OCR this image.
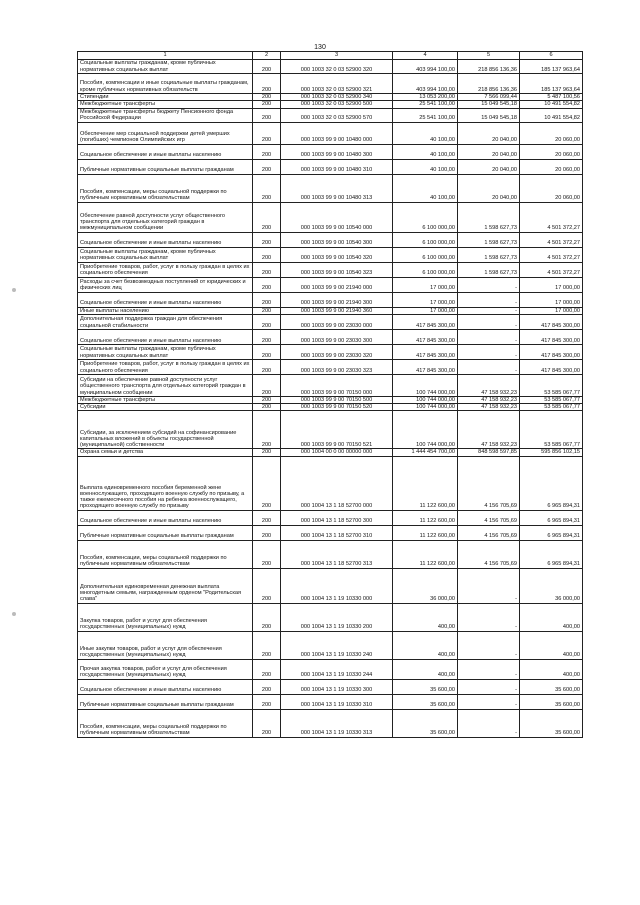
130
1	2	3	4	5	6
Социальные выплаты гражданам, кроме публичных нормативных социальных выплат	200	000 1003 32 0 03 52900 320	403 994 100,00	218 856 136,36	185 137 963,64
Пособия, компенсации и иные социальные выплаты гражданам, кроме публичных нормативных обязательств	200	000 1003 32 0 03 52900 321	403 994 100,00	218 856 136,36	185 137 963,64
Стипендии	200	000 1003 32 0 03 52900 340	13 053 200,00	7 566 099,44	5 487 100,56
Межбюджетные трансферты	200	000 1003 32 0 03 52900 500	25 541 100,00	15 049 545,18	10 491 554,82
Межбюджетные трансферты бюджету Пенсионного фонда Российской Федерации	200	000 1003 32 0 03 52900 570	25 541 100,00	15 049 545,18	10 491 554,82
Обеспечение мер социальной поддержки детей умерших (погибших) чемпионов Олимпийских игр	200	000 1003 99 9 00 10480 000	40 100,00	20 040,00	20 060,00
Социальное обеспечение и иные выплаты населению	200	000 1003 99 9 00 10480 300	40 100,00	20 040,00	20 060,00
Публичные нормативные социальные выплаты гражданам	200	000 1003 99 9 00 10480 310	40 100,00	20 040,00	20 060,00
Пособия, компенсации, меры социальной поддержки по публичным нормативным обязательствам	200	000 1003 99 9 00 10480 313	40 100,00	20 040,00	20 060,00
Обеспечение равной доступности услуг общественного транспорта для отдельных категорий граждан в межмуниципальном сообщении	200	000 1003 99 9 00 10540 000	6 100 000,00	1 598 627,73	4 501 372,27
Социальное обеспечение и иные выплаты населению	200	000 1003 99 9 00 10540 300	6 100 000,00	1 598 627,73	4 501 372,27
Социальные выплаты гражданам, кроме публичных нормативных социальных выплат	200	000 1003 99 9 00 10540 320	6 100 000,00	1 598 627,73	4 501 372,27
Приобретение товаров, работ, услуг в пользу граждан в целях их социального обеспечения	200	000 1003 99 9 00 10540 323	6 100 000,00	1 598 627,73	4 501 372,27
Расходы за счет безвозмездных поступлений от юридических и физических лиц	200	000 1003 99 9 00 21940 000	17 000,00	-	17 000,00
Социальное обеспечение и иные выплаты населению	200	000 1003 99 9 00 21940 300	17 000,00	-	17 000,00
Иные выплаты населению	200	000 1003 99 9 00 21940 360	17 000,00	-	17 000,00
Дополнительная поддержка граждан для обеспечения социальной стабильности	200	000 1003 99 9 00 23030 000	417 845 300,00	-	417 845 300,00
Социальное обеспечение и иные выплаты населению	200	000 1003 99 9 00 23030 300	417 845 300,00	-	417 845 300,00
Социальные выплаты гражданам, кроме публичных нормативных социальных выплат	200	000 1003 99 9 00 23030 320	417 845 300,00	-	417 845 300,00
Приобретение товаров, работ, услуг в пользу граждан в целях их социального обеспечения	200	000 1003 99 9 00 23030 323	417 845 300,00	-	417 845 300,00
Субсидии на обеспечение равной доступности услуг общественного транспорта для отдельных категорий граждан в муниципальном сообщении	200	000 1003 99 9 00 70150 000	100 744 000,00	47 158 932,23	53 585 067,77
Межбюджетные трансферты	200	000 1003 99 9 00 70150 500	100 744 000,00	47 158 932,23	53 585 067,77
Субсидии	200	000 1003 99 9 00 70150 520	100 744 000,00	47 158 932,23	53 585 067,77
Субсидии, за исключением субсидий на софинансирование капитальных вложений в объекты государственной (муниципальной) собственности	200	000 1003 99 9 00 70150 521	100 744 000,00	47 158 932,23	53 585 067,77
Охрана семьи и детства	200	000 1004 00 0 00 00000 000	1 444 454 700,00	848 598 597,85	595 856 102,15
Выплата единовременного пособия беременной жене военнослужащего, проходящего военную службу по призыву, а также ежемесячного пособия на ребенка военнослужащего, проходящего военную службу по призыву	200	000 1004 13 1 18 52700 000	11 122 600,00	4 156 705,69	6 965 894,31
Социальное обеспечение и иные выплаты населению	200	000 1004 13 1 18 52700 300	11 122 600,00	4 156 705,69	6 965 894,31
Публичные нормативные социальные выплаты гражданам	200	000 1004 13 1 18 52700 310	11 122 600,00	4 156 705,69	6 965 894,31
Пособия, компенсации, меры социальной поддержки по публичным нормативным обязательствам	200	000 1004 13 1 18 52700 313	11 122 600,00	4 156 705,69	6 965 894,31
Дополнительная единовременная денежная выплата многодетным семьям, награжденным орденом "Родительская слава"	200	000 1004 13 1 19 10330 000	36 000,00	-	36 000,00
Закупка товаров, работ и услуг для обеспечения государственных (муниципальных) нужд	200	000 1004 13 1 19 10330 200	400,00	-	400,00
Иные закупки товаров, работ и услуг для обеспечения государственных (муниципальных) нужд	200	000 1004 13 1 19 10330 240	400,00	-	400,00
Прочая закупка товаров, работ и услуг для обеспечения государственных (муниципальных) нужд	200	000 1004 13 1 19 10330 244	400,00	-	400,00
Социальное обеспечение и иные выплаты населению	200	000 1004 13 1 19 10330 300	35 600,00	-	35 600,00
Публичные нормативные социальные выплаты гражданам	200	000 1004 13 1 19 10330 310	35 600,00	-	35 600,00
Пособия, компенсации, меры социальной поддержки по публичным нормативным обязательствам	200	000 1004 13 1 19 10330 313	35 600,00	-	35 600,00
